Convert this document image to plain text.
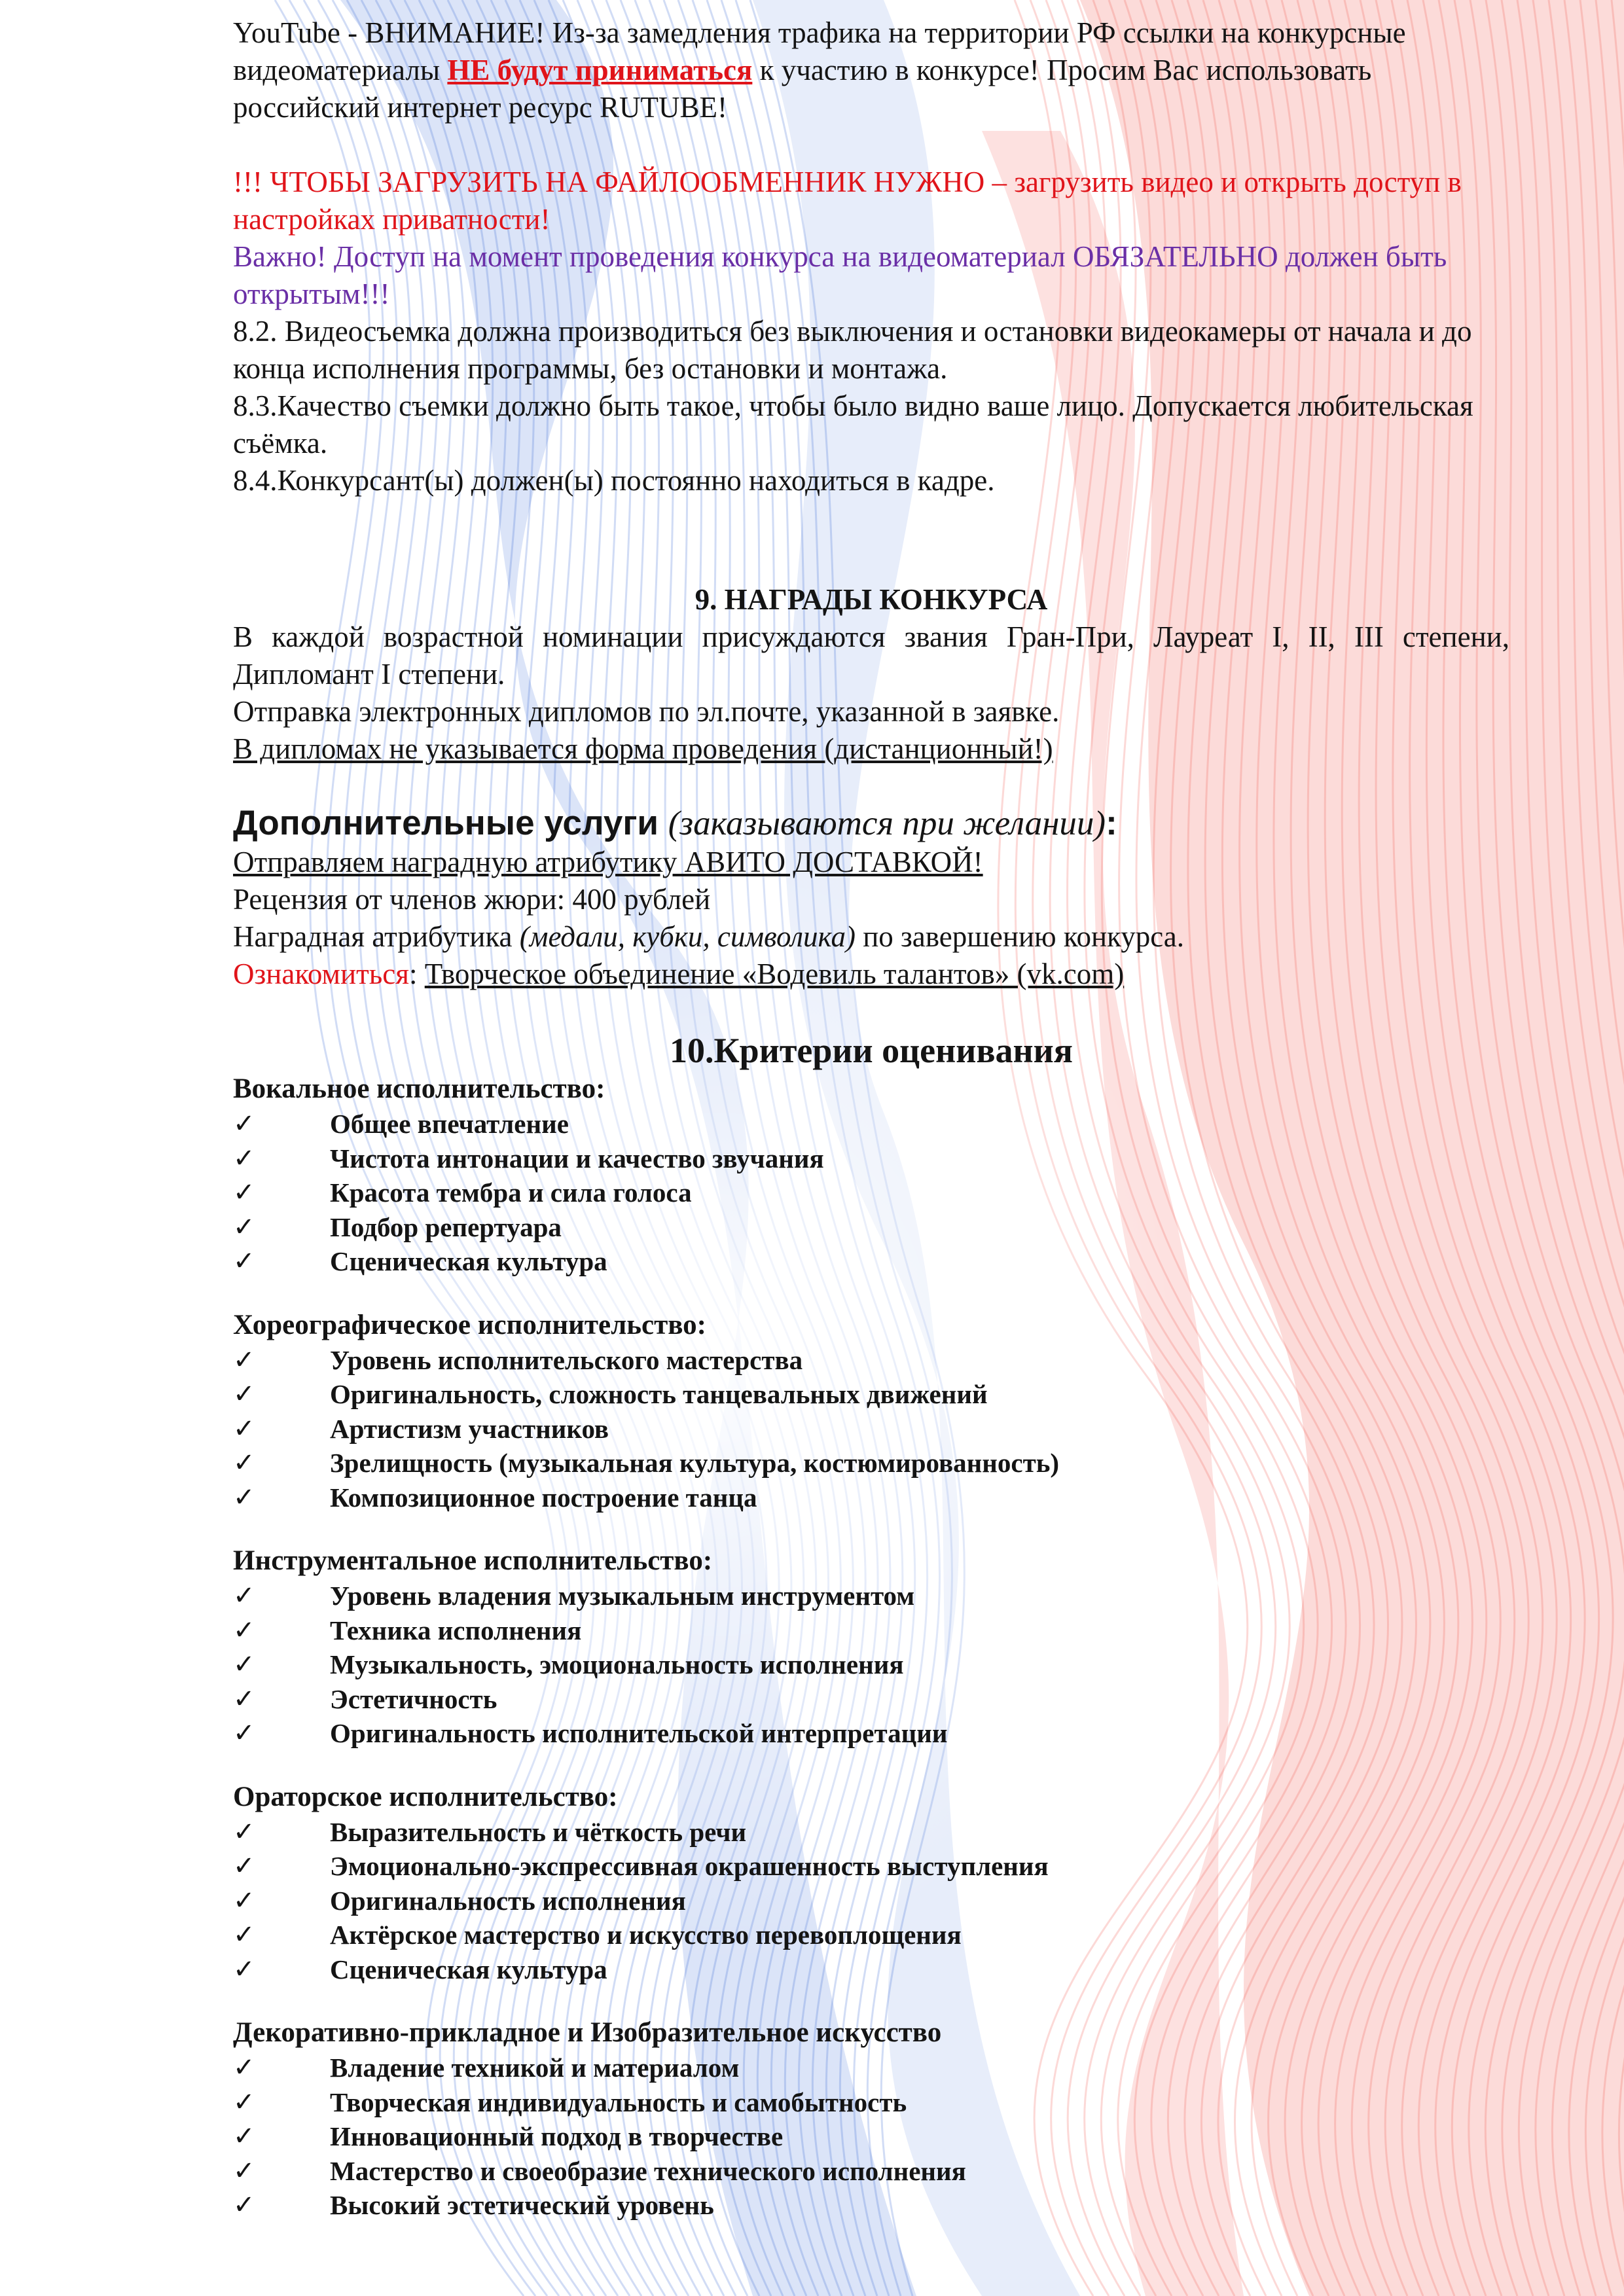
YouTube - ВНИМАНИЕ! Из-за замедления трафика на территории РФ ссылки на конкурсные видеоматериалы НЕ будут приниматься к участию в конкурсе! Просим Вас использовать российский интернет ресурс RUTUBE!

!!! ЧТОБЫ ЗАГРУЗИТЬ НА ФАЙЛООБМЕННИК НУЖНО – загрузить видео и открыть доступ в настройках приватности!

Важно! Доступ на момент проведения конкурса на видеоматериал ОБЯЗАТЕЛЬНО должен быть открытым!!!

8.2. Видеосъемка должна производиться без выключения и остановки видеокамеры от начала и до конца исполнения программы, без остановки и монтажа.

8.3.Качество съемки должно быть такое, чтобы было видно ваше лицо. Допускается любительская съёмка.

8.4.Конкурсант(ы) должен(ы) постоянно находиться в кадре.

9. НАГРАДЫ КОНКУРСА

В каждой возрастной номинации присуждаются звания Гран-При, Лауреат I, II, III степени, Дипломант I степени.

Отправка электронных дипломов по эл.почте, указанной в заявке.

В дипломах не указывается форма проведения (дистанционный!)

Дополнительные услуги (заказываются при желании):

Отправляем наградную атрибутику АВИТО ДОСТАВКОЙ!

Рецензия от членов жюри: 400 рублей

Наградная атрибутика (медали, кубки, символика) по завершению конкурса.

Ознакомиться: Творческое объединение «Водевиль талантов» (vk.com)

10.Критерии оценивания

Вокальное исполнительство:

✓	Общее впечатление
✓	Чистота интонации и качество звучания
✓	Красота тембра и сила голоса
✓	Подбор репертуара
✓	Сценическая культура

Хореографическое исполнительство:

✓	Уровень исполнительского мастерства
✓	Оригинальность, сложность танцевальных движений
✓	Артистизм участников
✓	Зрелищность (музыкальная культура, костюмированность)
✓	Композиционное построение танца

Инструментальное исполнительство:

✓	Уровень владения музыкальным инструментом
✓	Техника исполнения
✓	Музыкальность, эмоциональность исполнения
✓	Эстетичность
✓	Оригинальность исполнительской интерпретации

Ораторское исполнительство:

✓	Выразительность и чёткость речи
✓	Эмоционально-экспрессивная окрашенность выступления
✓	Оригинальность исполнения
✓	Актёрское мастерство и искусство перевоплощения
✓	Сценическая культура

Декоративно-прикладное и Изобразительное искусство

✓	Владение техникой и материалом
✓	Творческая индивидуальность и самобытность
✓	Инновационный подход в творчестве
✓	Мастерство и своеобразие технического исполнения
✓	Высокий эстетический уровень
